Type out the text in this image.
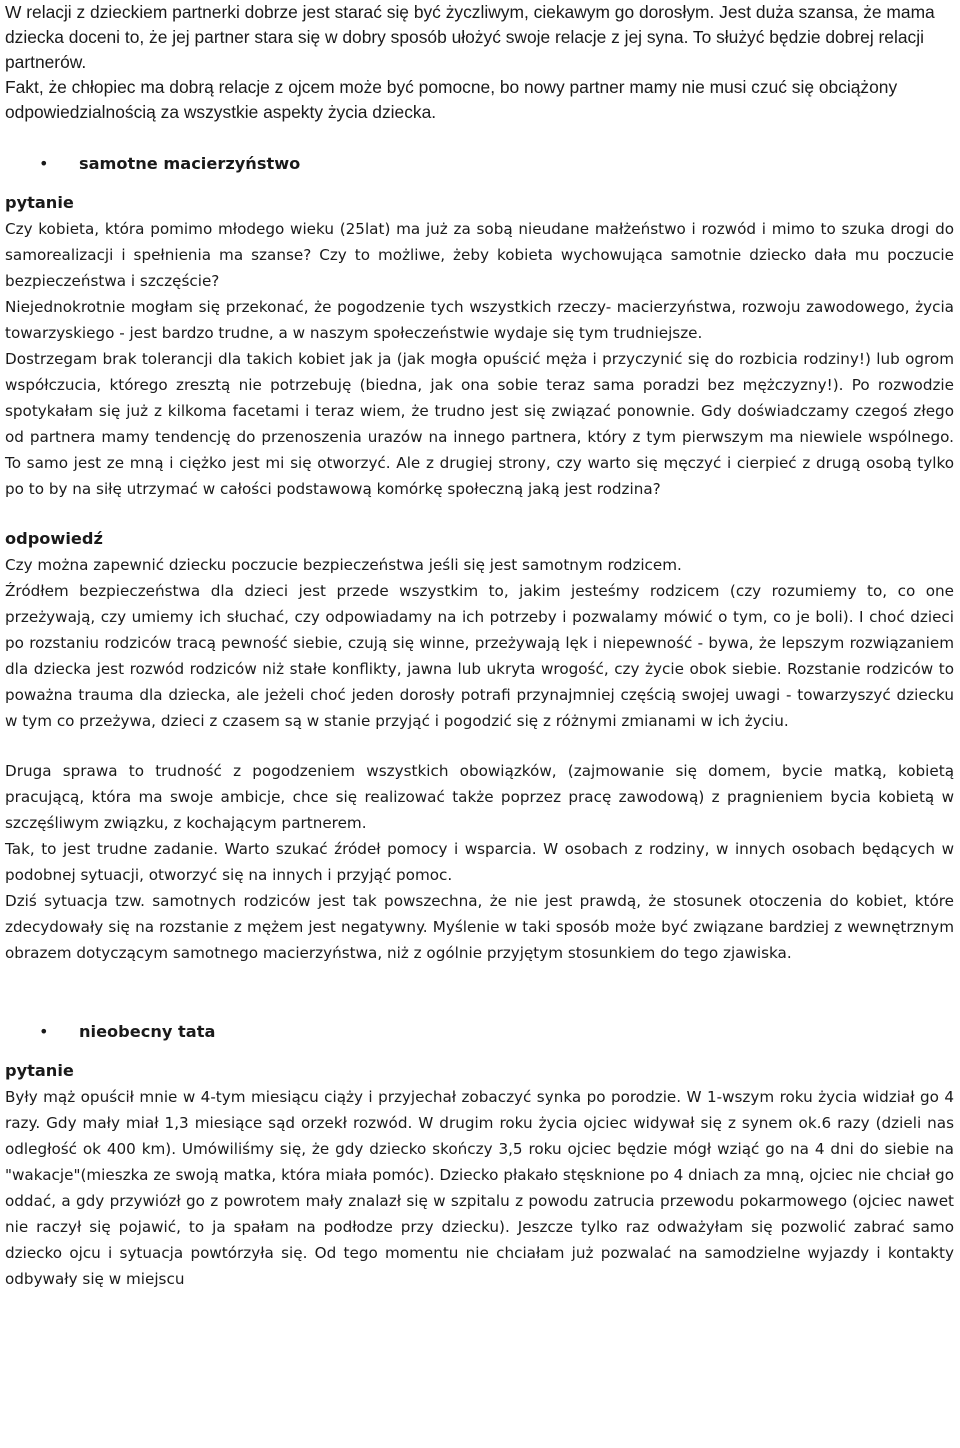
W relacji z dzieckiem partnerki dobrze jest starać się być życzliwym, ciekawym go dorosłym. Jest duża szansa, że mama dziecka doceni to, że jej partner stara się w dobry sposób ułożyć swoje relacje z jej syna. To służyć będzie dobrej relacji partnerów.

Fakt, że chłopiec ma dobrą relacje z ojcem może być pomocne, bo nowy partner mamy nie musi czuć się obciążony odpowiedzialnością za wszystkie aspekty życia dziecka.

• samotne macierzyństwo

pytanie

Czy kobieta, która pomimo młodego wieku (25lat) ma już za sobą nieudane małżeństwo i rozwód i mimo to szuka drogi do samorealizacji i spełnienia ma szanse? Czy to możliwe, żeby kobieta wychowująca samotnie dziecko dała mu poczucie bezpieczeństwa i szczęście?

Niejednokrotnie mogłam się przekonać, że pogodzenie tych wszystkich rzeczy- macierzyństwa, rozwoju zawodowego, życia towarzyskiego - jest bardzo trudne, a w naszym społeczeństwie wydaje się tym trudniejsze.

Dostrzegam brak tolerancji dla takich kobiet jak ja (jak mogła opuścić męża i przyczynić się do rozbicia rodziny!) lub ogrom współczucia, którego zresztą nie potrzebuję (biedna, jak ona sobie teraz sama poradzi bez mężczyzny!). Po rozwodzie spotykałam się już z kilkoma facetami i teraz wiem, że trudno jest się związać ponownie. Gdy doświadczamy czegoś złego od partnera mamy tendencję do przenoszenia urazów na innego partnera, który z tym pierwszym ma niewiele wspólnego. To samo jest ze mną i ciężko jest mi się otworzyć. Ale z drugiej strony, czy warto się męczyć i cierpieć z drugą osobą tylko po to by na siłę utrzymać w całości podstawową komórkę społeczną jaką jest rodzina?

odpowiedź

Czy można zapewnić dziecku poczucie bezpieczeństwa jeśli się jest samotnym rodzicem.

Źródłem bezpieczeństwa dla dzieci jest przede wszystkim to, jakim jesteśmy rodzicem (czy rozumiemy to, co one przeżywają, czy umiemy ich słuchać, czy odpowiadamy na ich potrzeby i pozwalamy mówić o tym, co je boli). I choć dzieci po rozstaniu rodziców tracą pewność siebie, czują się winne, przeżywają lęk i niepewność - bywa, że lepszym rozwiązaniem dla dziecka jest rozwód rodziców niż stałe konflikty, jawna lub ukryta wrogość, czy życie obok siebie. Rozstanie rodziców to poważna trauma dla dziecka, ale jeżeli choć jeden dorosły potrafi przynajmniej częścią swojej uwagi - towarzyszyć dziecku w tym co przeżywa, dzieci z czasem są w stanie przyjąć i pogodzić się z różnymi zmianami w ich życiu.

Druga sprawa to trudność z pogodzeniem wszystkich obowiązków, (zajmowanie się domem, bycie matką, kobietą pracującą, która ma swoje ambicje, chce się realizować także poprzez pracę zawodową) z pragnieniem bycia kobietą w szczęśliwym związku, z kochającym partnerem.

Tak, to jest trudne zadanie. Warto szukać źródeł pomocy i wsparcia. W osobach z rodziny, w innych osobach będących w podobnej sytuacji, otworzyć się na innych i przyjąć pomoc.

Dziś sytuacja tzw. samotnych rodziców jest tak powszechna, że nie jest prawdą, że stosunek otoczenia do kobiet, które zdecydowały się na rozstanie z mężem jest negatywny. Myślenie w taki sposób może być związane bardziej z wewnętrznym obrazem dotyczącym samotnego macierzyństwa, niż z ogólnie przyjętym stosunkiem do tego zjawiska.

• nieobecny tata

pytanie

Były mąż opuścił mnie w 4-tym miesiącu ciąży i przyjechał zobaczyć synka po porodzie. W 1-wszym roku życia widział go 4 razy. Gdy mały miał 1,3 miesiące sąd orzekł rozwód. W drugim roku życia ojciec widywał się z synem ok.6 razy (dzieli nas odległość ok 400 km). Umówiliśmy się, że gdy dziecko skończy 3,5 roku ojciec będzie mógł wziąć go na 4 dni do siebie na "wakacje"(mieszka ze swoją matka, która miała pomóc). Dziecko płakało stęsknione po 4 dniach za mną, ojciec nie chciał go oddać, a gdy przywiózł go z powrotem mały znalazł się w szpitalu z powodu zatrucia przewodu pokarmowego (ojciec nawet nie raczył się pojawić, to ja spałam na podłodze przy dziecku). Jeszcze tylko raz odważyłam się pozwolić zabrać samo dziecko ojcu i sytuacja powtórzyła się. Od tego momentu nie chciałam już pozwalać na samodzielne wyjazdy i kontakty odbywały się w miejscu
